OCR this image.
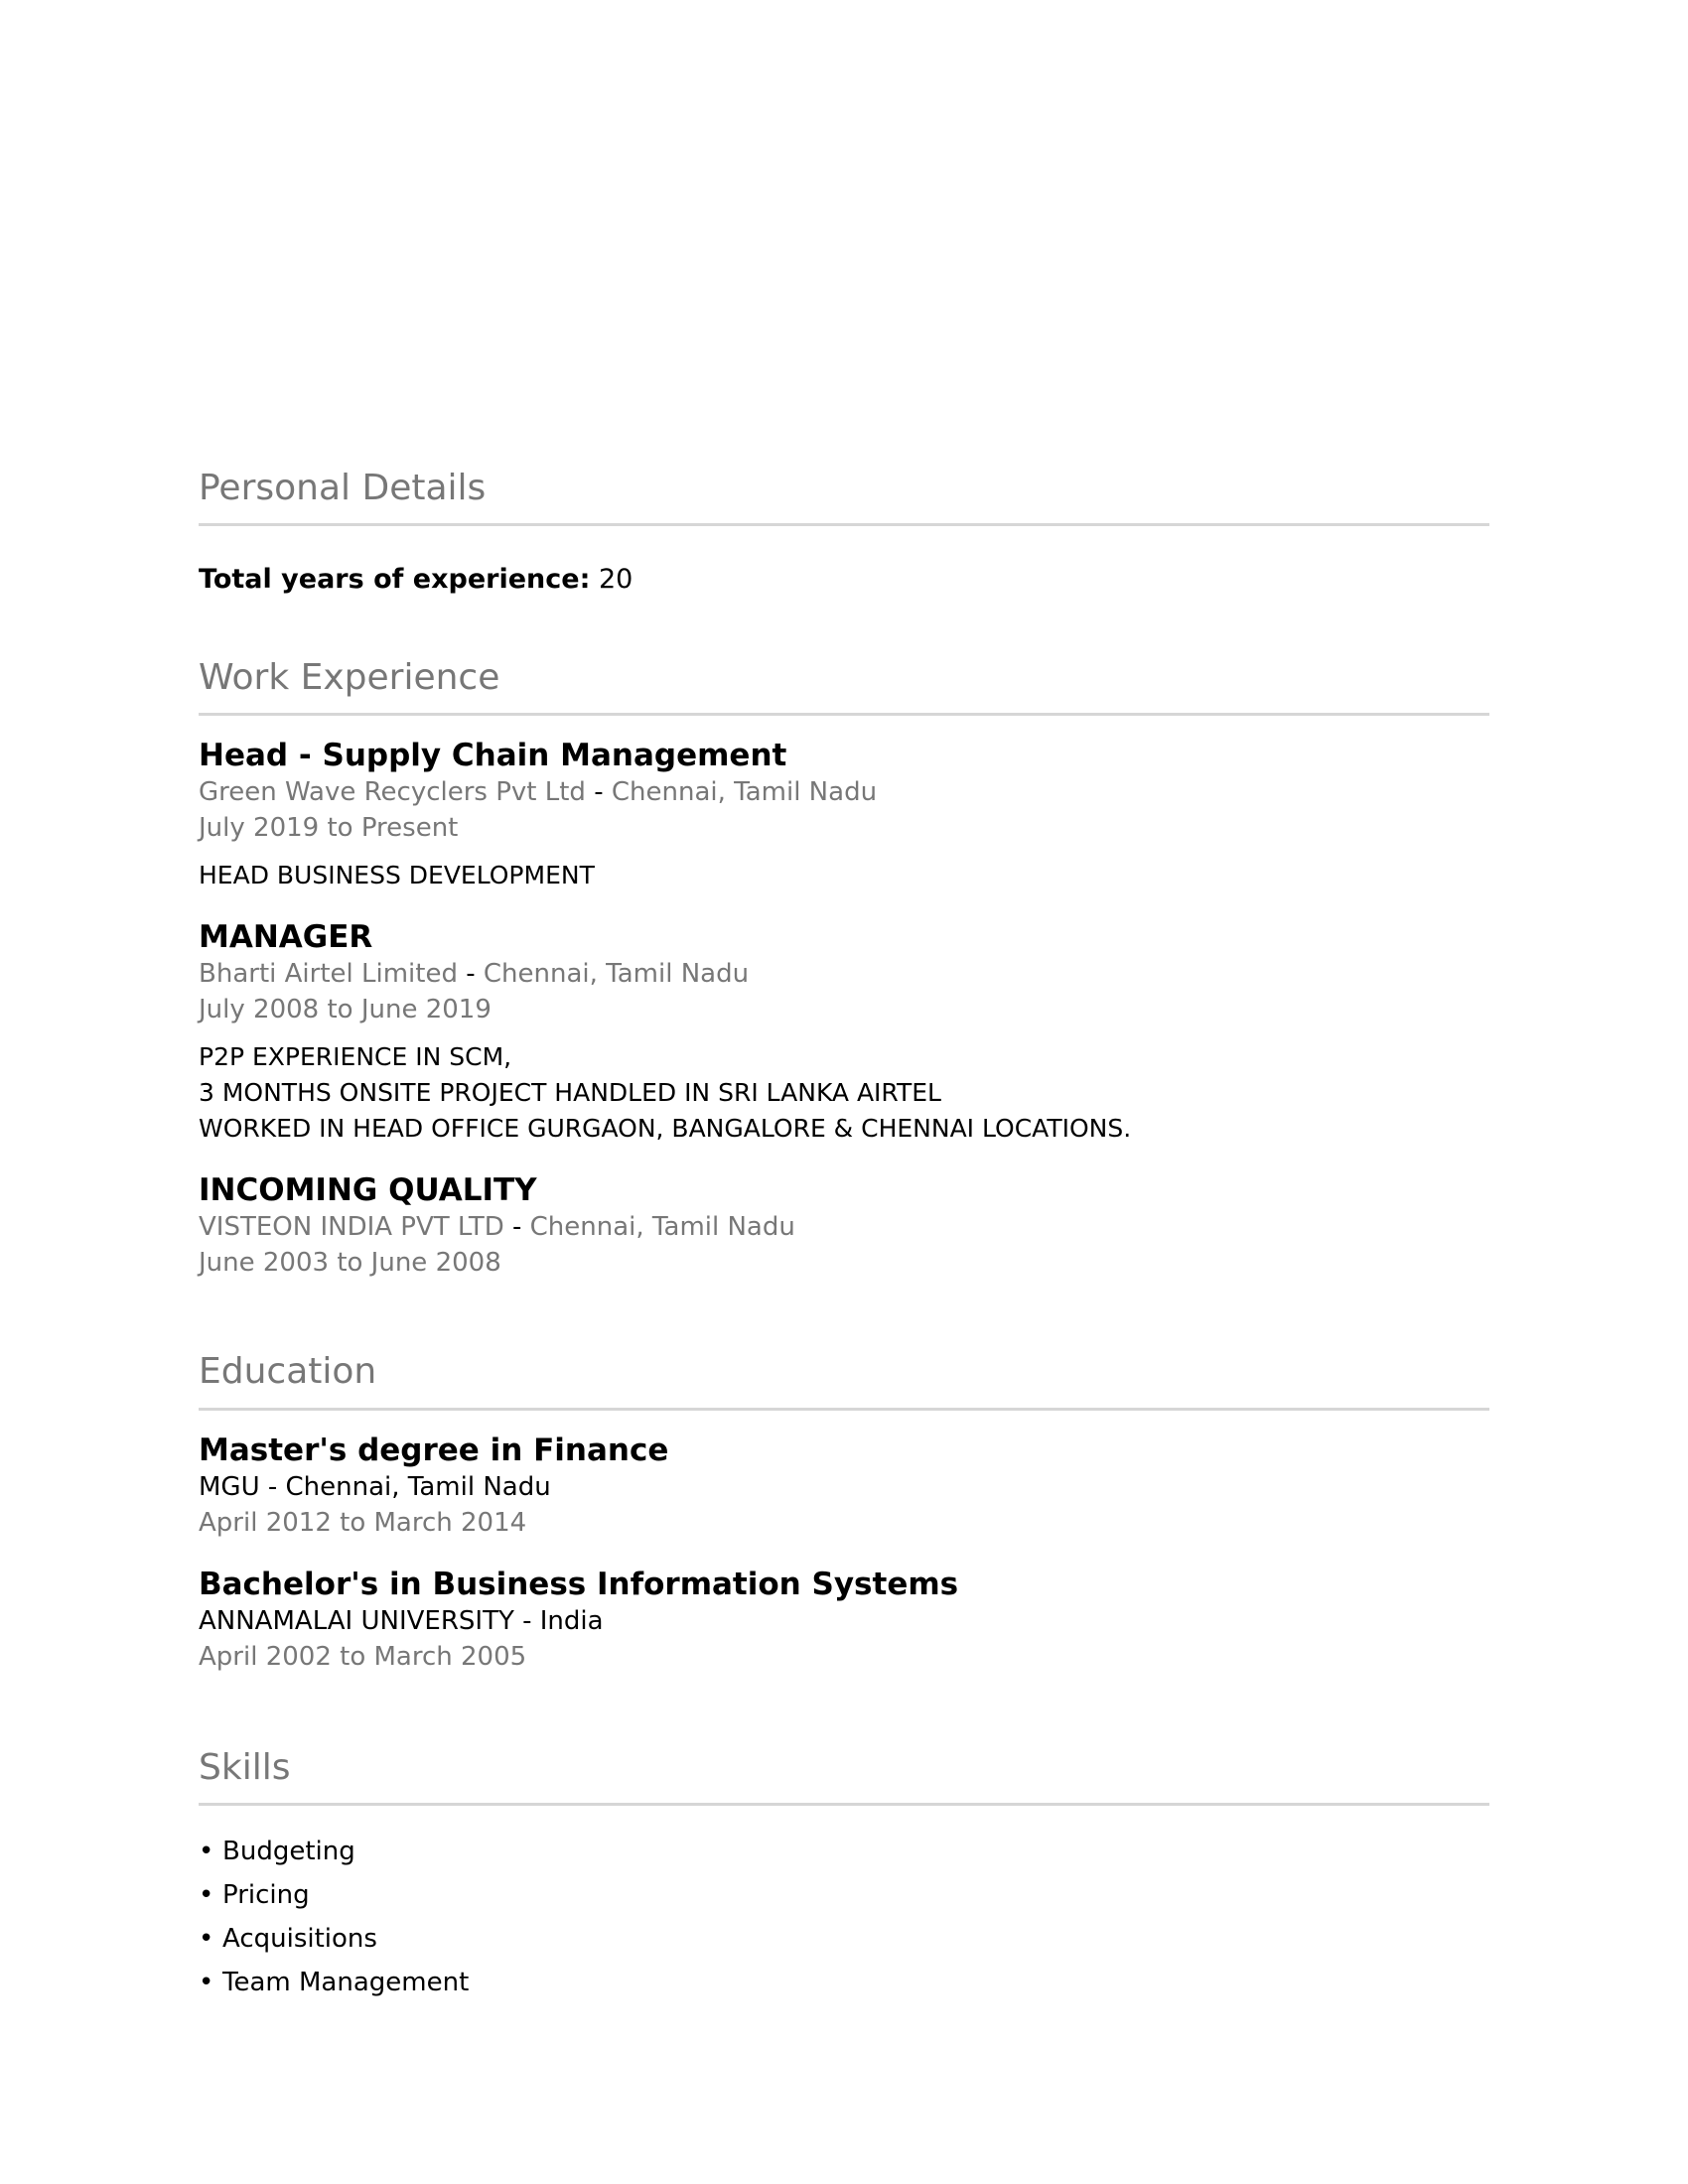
Personal Details
Total years of experience: 20
Work Experience
Head - Supply Chain Management
Green Wave Recyclers Pvt Ltd - Chennai, Tamil Nadu
July 2019 to Present
HEAD BUSINESS DEVELOPMENT
MANAGER
Bharti Airtel Limited - Chennai, Tamil Nadu
July 2008 to June 2019
P2P EXPERIENCE IN SCM,
3 MONTHS ONSITE PROJECT HANDLED IN SRI LANKA AIRTEL
WORKED IN HEAD OFFICE GURGAON, BANGALORE & CHENNAI LOCATIONS.
INCOMING QUALITY
VISTEON INDIA PVT LTD - Chennai, Tamil Nadu
June 2003 to June 2008
Education
Master's degree in Finance
MGU - Chennai, Tamil Nadu
April 2012 to March 2014
Bachelor's in Business Information Systems
ANNAMALAI UNIVERSITY - India
April 2002 to March 2005
Skills
• Budgeting
• Pricing
• Acquisitions
• Team Management
